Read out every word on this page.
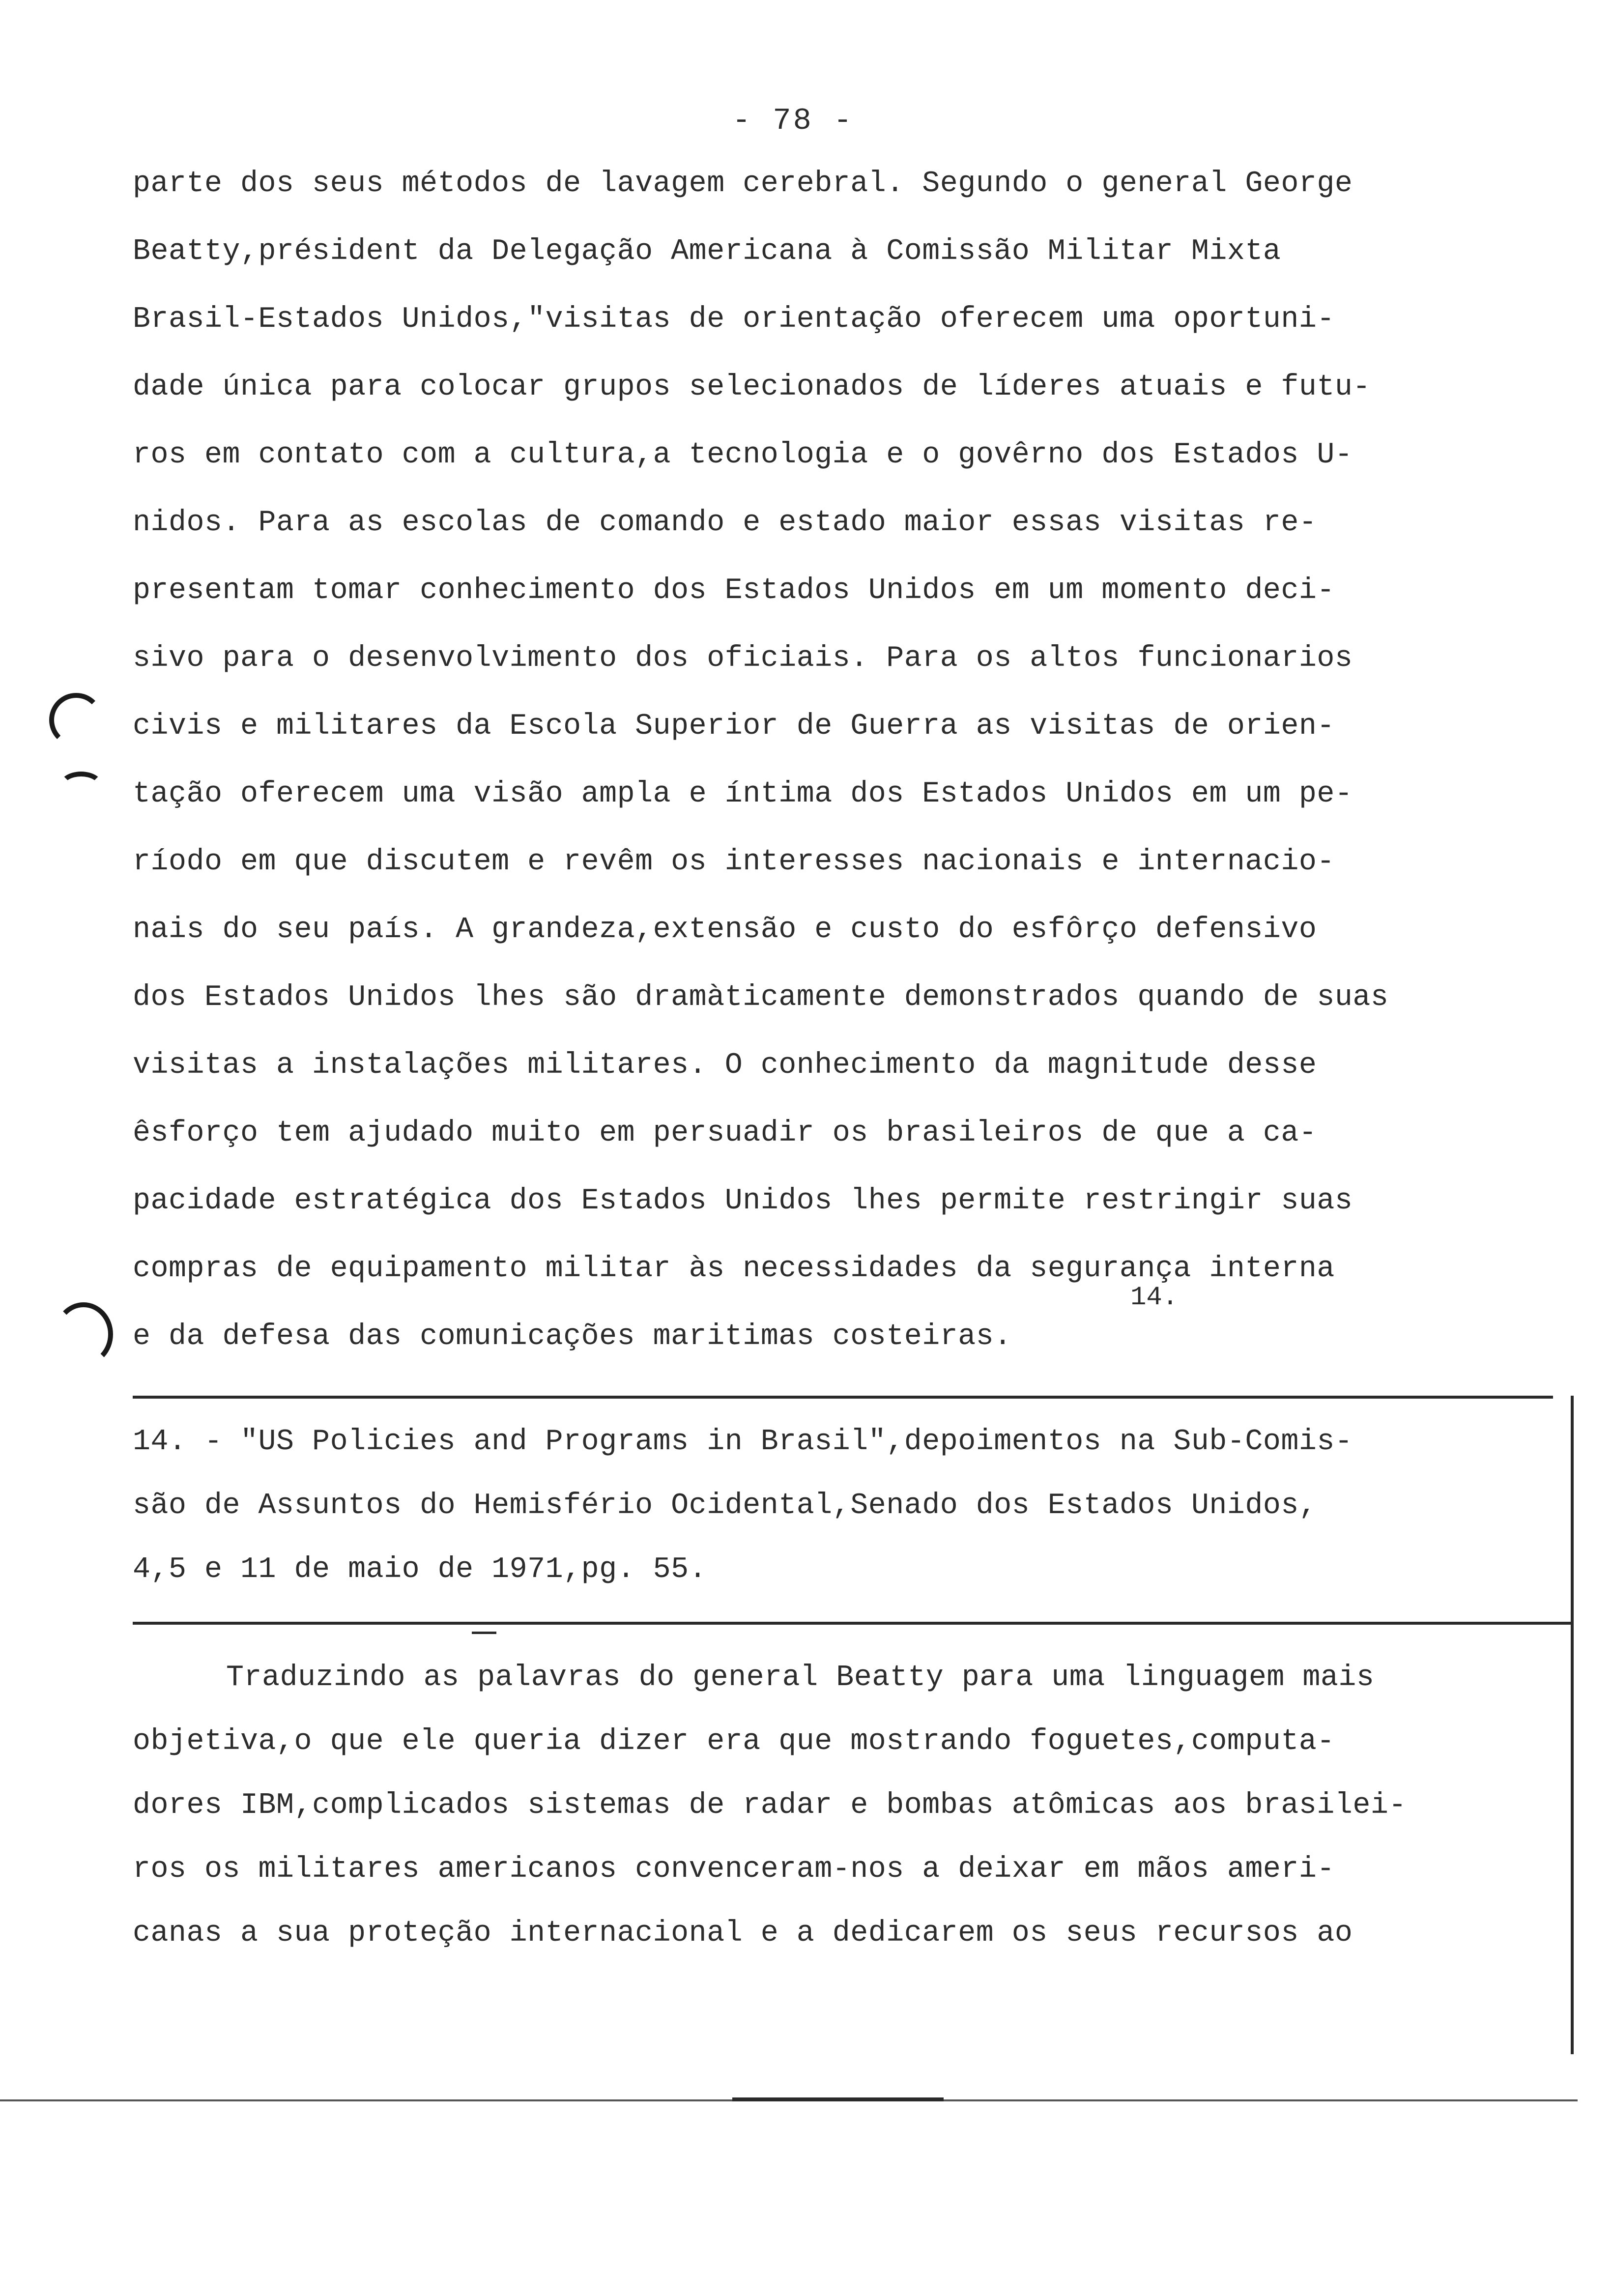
- 78 -
parte dos seus métodos de lavagem cerebral. Segundo o general George
Beatty,président da Delegação Americana à Comissão Militar Mixta
Brasil-Estados Unidos,"visitas de orientação oferecem uma oportuni-
dade única para colocar grupos selecionados de líderes atuais e futu-
ros em contato com a cultura,a tecnologia e o govêrno dos Estados U-
nidos. Para as escolas de comando e estado maior essas visitas re-
presentam tomar conhecimento dos Estados Unidos em um momento deci-
sivo para o desenvolvimento dos oficiais. Para os altos funcionarios
civis e militares da Escola Superior de Guerra as visitas de orien-
tação oferecem uma visão ampla e íntima dos Estados Unidos em um pe-
ríodo em que discutem e revêm os interesses nacionais e internacio-
nais do seu país. A grandeza,extensão e custo do esfôrço defensivo
dos Estados Unidos lhes são dramàticamente demonstrados quando de suas
visitas a instalações militares. O conhecimento da magnitude desse
êsforço tem ajudado muito em persuadir os brasileiros de que a ca-
pacidade estratégica dos Estados Unidos lhes permite restringir suas
compras de equipamento militar às necessidades da segurança interna
e da defesa das comunicações maritimas costeiras.
14.
14. - "US Policies and Programs in Brasil",depoimentos na Sub-Comis-
são de Assuntos do Hemisfério Ocidental,Senado dos Estados Unidos,
4,5 e 11 de maio de 1971,pg. 55.
Traduzindo as palavras do general Beatty para uma linguagem mais
objetiva,o que ele queria dizer era que mostrando foguetes,computa-
dores IBM,complicados sistemas de radar e bombas atômicas aos brasilei-
ros os militares americanos convenceram-nos a deixar em mãos ameri-
canas a sua proteção internacional e a dedicarem os seus recursos ao
